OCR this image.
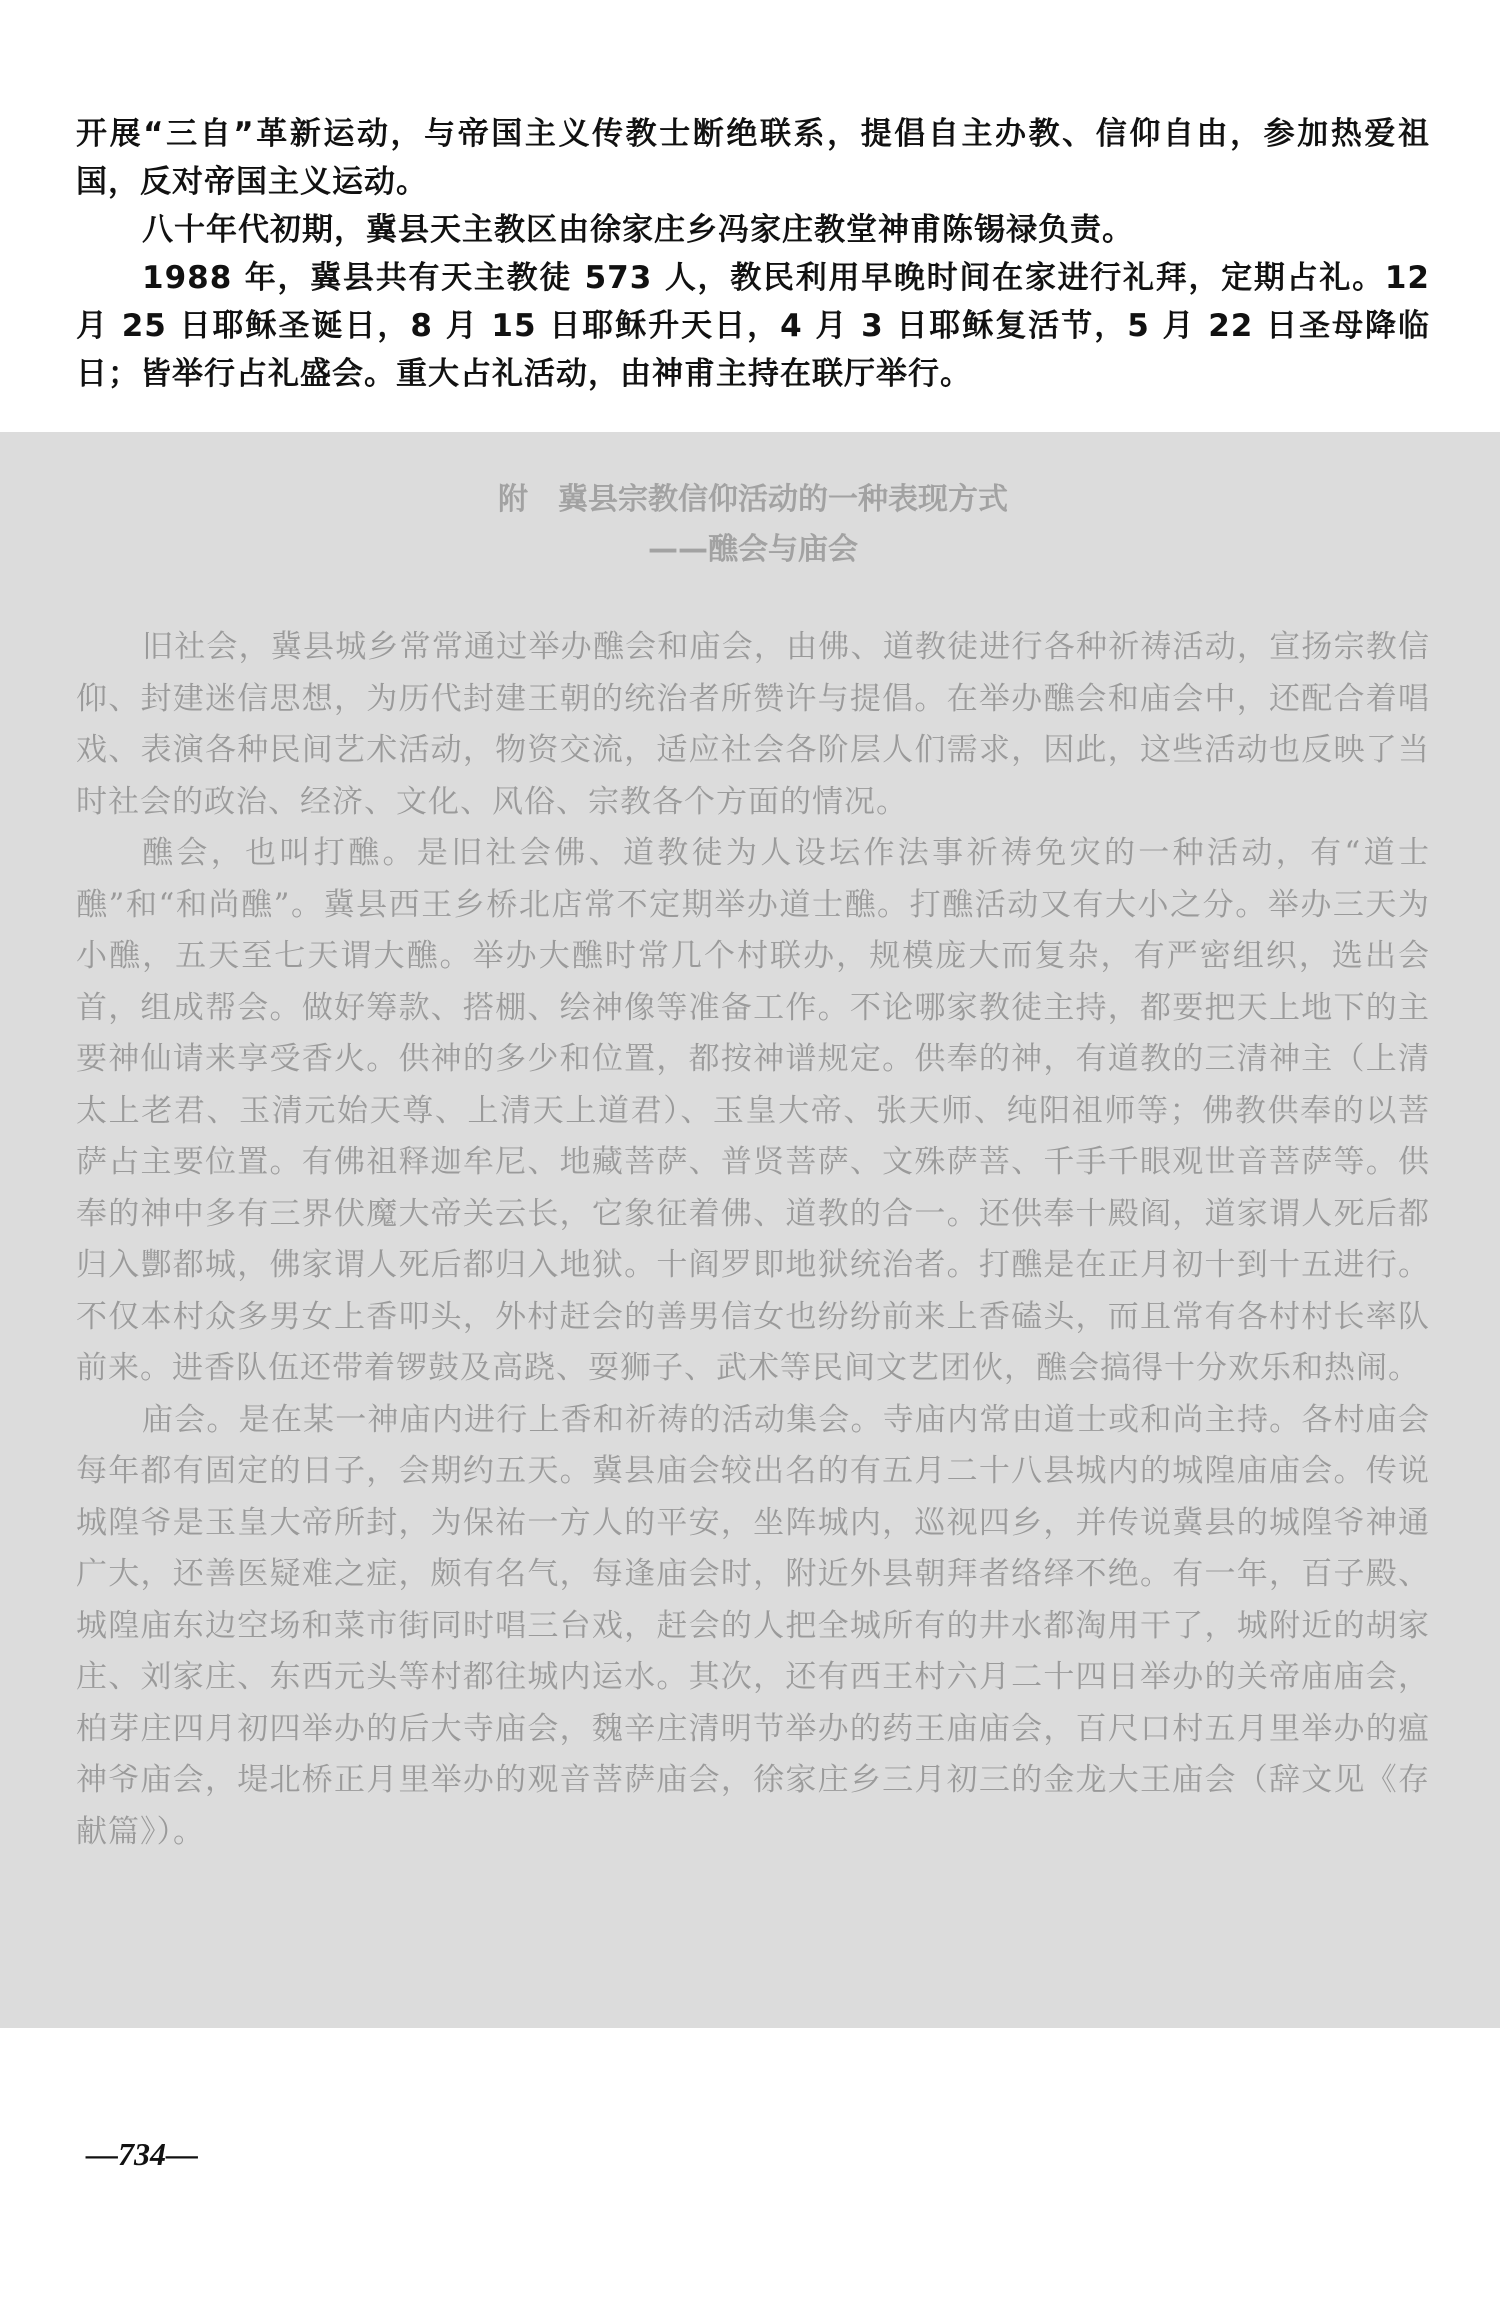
开展“三自”革新运动，与帝国主义传教士断绝联系，提倡自主办教、信仰自由，参加热爱祖国，反对帝国主义运动。

八十年代初期，冀县天主教区由徐家庄乡冯家庄教堂神甫陈锡禄负责。

1988 年，冀县共有天主教徒 573 人，教民利用早晚时间在家进行礼拜，定期占礼。12 月 25 日耶稣圣诞日，8 月 15 日耶稣升天日，4 月 3 日耶稣复活节，5 月 22 日圣母降临日；皆举行占礼盛会。重大占礼活动，由神甫主持在联厅举行。

附　冀县宗教信仰活动的一种表现方式
——醮会与庙会

旧社会，冀县城乡常常通过举办醮会和庙会，由佛、道教徒进行各种祈祷活动，宣扬宗教信仰、封建迷信思想，为历代封建王朝的统治者所赞许与提倡。在举办醮会和庙会中，还配合着唱戏、表演各种民间艺术活动，物资交流，适应社会各阶层人们需求，因此，这些活动也反映了当时社会的政治、经济、文化、风俗、宗教各个方面的情况。

醮会，也叫打醮。是旧社会佛、道教徒为人设坛作法事祈祷免灾的一种活动，有“道士醮”和“和尚醮”。冀县西王乡桥北店常不定期举办道士醮。打醮活动又有大小之分。举办三天为小醮，五天至七天谓大醮。举办大醮时常几个村联办，规模庞大而复杂，有严密组织，选出会首，组成帮会。做好筹款、搭棚、绘神像等准备工作。不论哪家教徒主持，都要把天上地下的主要神仙请来享受香火。供神的多少和位置，都按神谱规定。供奉的神，有道教的三清神主（上清太上老君、玉清元始天尊、上清天上道君）、玉皇大帝、张天师、纯阳祖师等；佛教供奉的以菩萨占主要位置。有佛祖释迦牟尼、地藏菩萨、普贤菩萨、文殊萨菩、千手千眼观世音菩萨等。供奉的神中多有三界伏魔大帝关云长，它象征着佛、道教的合一。还供奉十殿阎，道家谓人死后都归入酆都城，佛家谓人死后都归入地狱。十阎罗即地狱统治者。打醮是在正月初十到十五进行。不仅本村众多男女上香叩头，外村赶会的善男信女也纷纷前来上香磕头，而且常有各村村长率队前来。进香队伍还带着锣鼓及高跷、耍狮子、武术等民间文艺团伙，醮会搞得十分欢乐和热闹。

庙会。是在某一神庙内进行上香和祈祷的活动集会。寺庙内常由道士或和尚主持。各村庙会每年都有固定的日子，会期约五天。冀县庙会较出名的有五月二十八县城内的城隍庙庙会。传说城隍爷是玉皇大帝所封，为保祐一方人的平安，坐阵城内，巡视四乡，并传说冀县的城隍爷神通广大，还善医疑难之症，颇有名气，每逢庙会时，附近外县朝拜者络绎不绝。有一年，百子殿、城隍庙东边空场和菜市街同时唱三台戏，赶会的人把全城所有的井水都淘用干了，城附近的胡家庄、刘家庄、东西元头等村都往城内运水。其次，还有西王村六月二十四日举办的关帝庙庙会，柏芽庄四月初四举办的后大寺庙会，魏辛庄清明节举办的药王庙庙会，百尺口村五月里举办的瘟神爷庙会，堤北桥正月里举办的观音菩萨庙会，徐家庄乡三月初三的金龙大王庙会（辞文见《存献篇》）。

—734—
